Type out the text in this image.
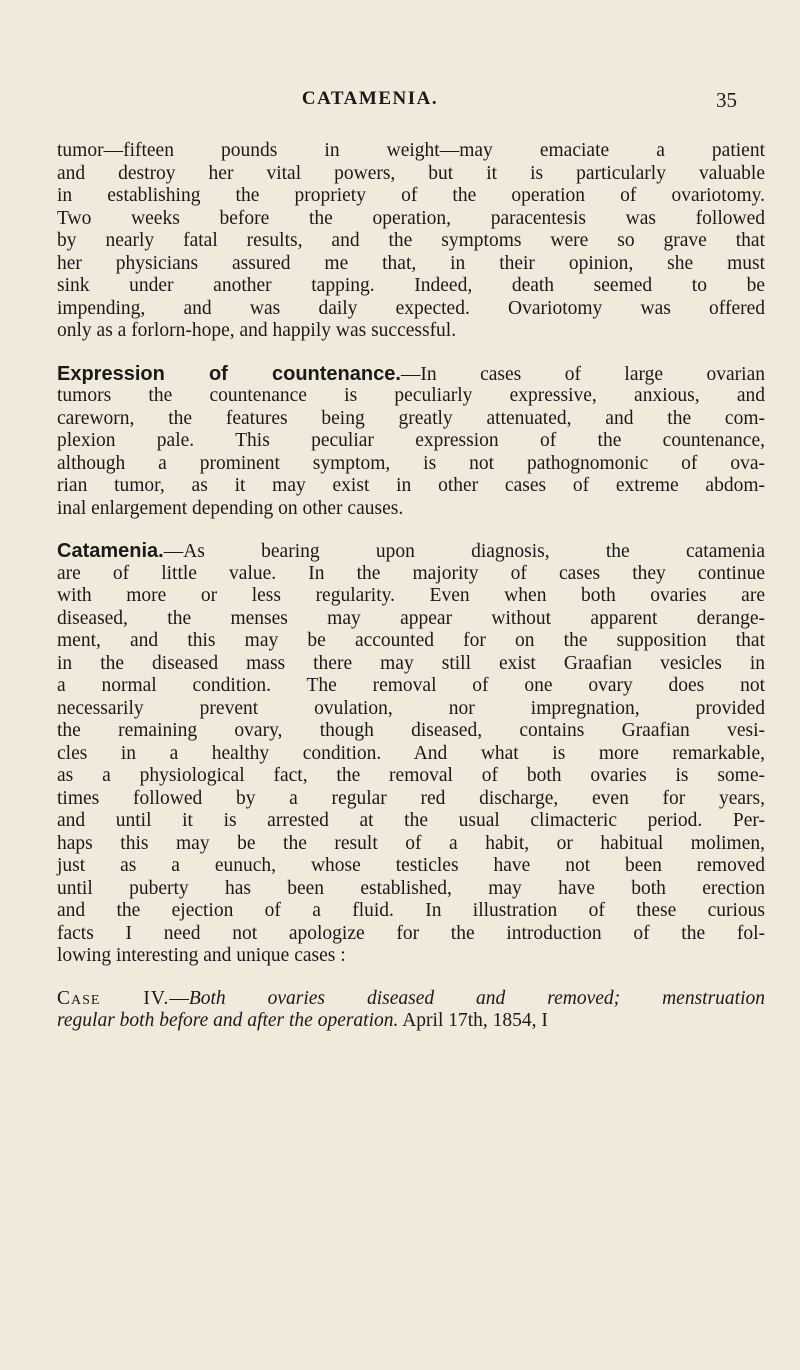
CATAMENIA.	35
tumor—fifteen pounds in weight—may emaciate a patient
and destroy her vital powers, but it is particularly valuable
in establishing the propriety of the operation of ovariotomy.
Two weeks before the operation, paracentesis was followed
by nearly fatal results, and the symptoms were so grave that
her physicians assured me that, in their opinion, she must
sink under another tapping. Indeed, death seemed to be
impending, and was daily expected. Ovariotomy was offered
only as a forlorn-hope, and happily was successful.
Expression of countenance.—In cases of large ovarian
tumors the countenance is peculiarly expressive, anxious, and
careworn, the features being greatly attenuated, and the com-
plexion pale. This peculiar expression of the countenance,
although a prominent symptom, is not pathognomonic of ova-
rian tumor, as it may exist in other cases of extreme abdom-
inal enlargement depending on other causes.
Catamenia.—As bearing upon diagnosis, the catamenia
are of little value. In the majority of cases they continue
with more or less regularity. Even when both ovaries are
diseased, the menses may appear without apparent derange-
ment, and this may be accounted for on the supposition that
in the diseased mass there may still exist Graafian vesicles in
a normal condition. The removal of one ovary does not
necessarily prevent ovulation, nor impregnation, provided
the remaining ovary, though diseased, contains Graafian vesi-
cles in a healthy condition. And what is more remarkable,
as a physiological fact, the removal of both ovaries is some-
times followed by a regular red discharge, even for years,
and until it is arrested at the usual climacteric period. Per-
haps this may be the result of a habit, or habitual molimen,
just as a eunuch, whose testicles have not been removed
until puberty has been established, may have both erection
and the ejection of a fluid. In illustration of these curious
facts I need not apologize for the introduction of the fol-
lowing interesting and unique cases :
Case IV.—Both ovaries diseased and removed; menstruation
regular both before and after the operation. April 17th, 1854, I
